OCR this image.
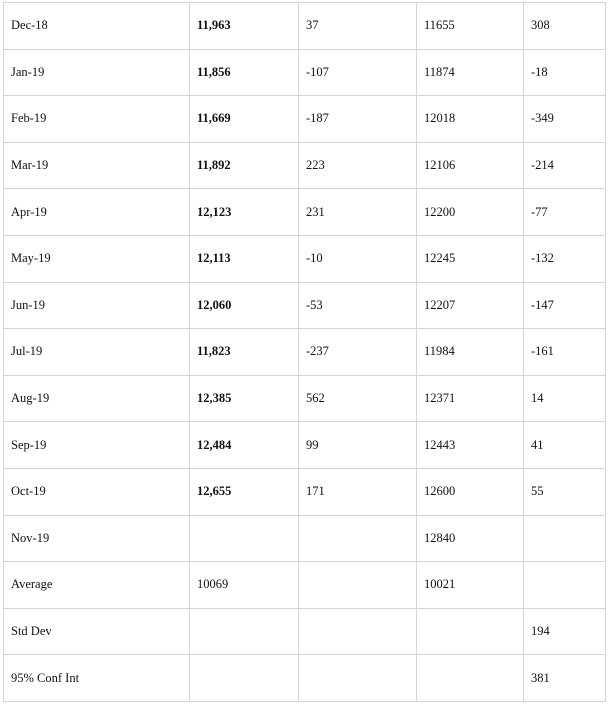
Dec-18	11,963	37	11655	308
Jan-19	11,856	-107	11874	-18
Feb-19	11,669	-187	12018	-349
Mar-19	11,892	223	12106	-214
Apr-19	12,123	231	12200	-77
May-19	12,113	-10	12245	-132
Jun-19	12,060	-53	12207	-147
Jul-19	11,823	-237	11984	-161
Aug-19	12,385	562	12371	14
Sep-19	12,484	99	12443	41
Oct-19	12,655	171	12600	55
Nov-19			12840	
Average	10069		10021	
Std Dev				194
95% Conf Int				381
